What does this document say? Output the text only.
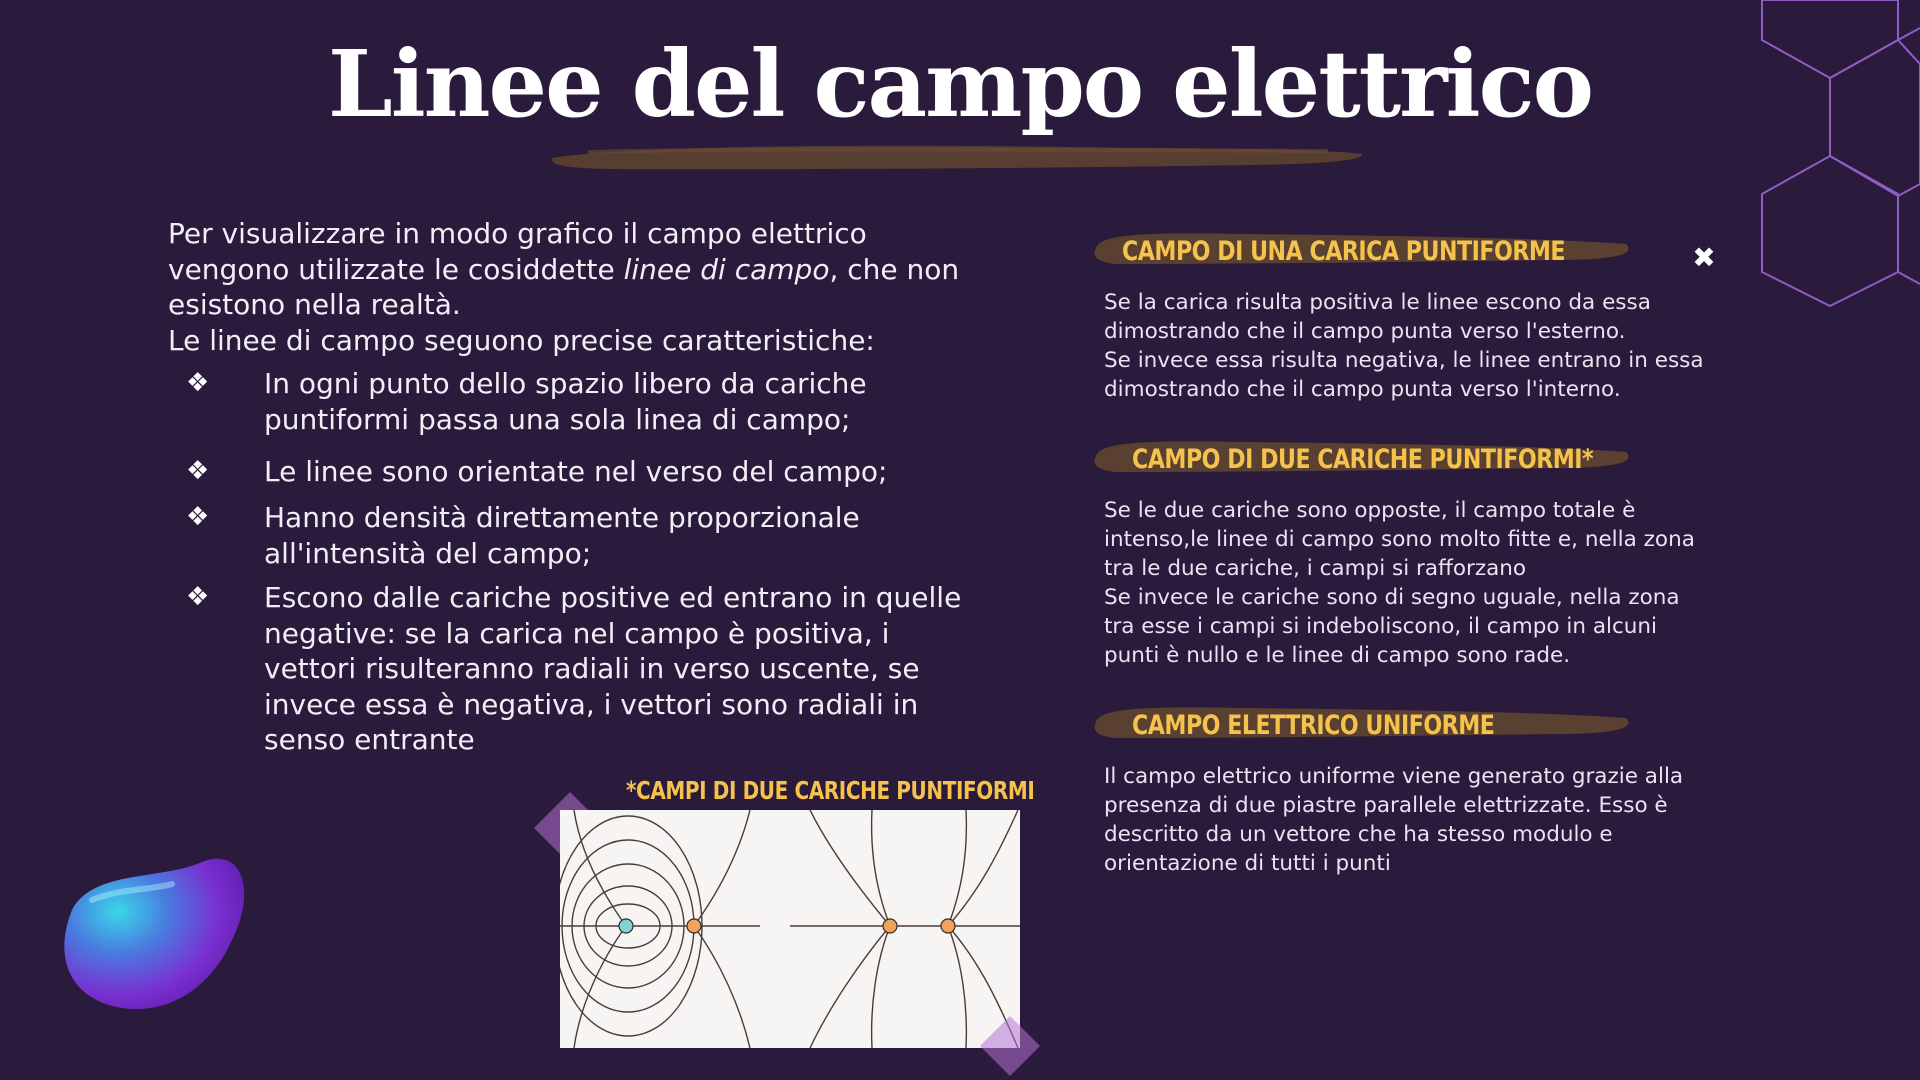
Linee del campo elettrico

Per visualizzare in modo grafico il campo elettrico vengono utilizzate le cosiddette linee di campo, che non esistono nella realtà.

Le linee di campo seguono precise caratteristiche:

❖ In ogni punto dello spazio libero da cariche puntiformi passa una sola linea di campo;
❖ Le linee sono orientate nel verso del campo;
❖ Hanno densità direttamente proporzionale all'intensità del campo;
❖ Escono dalle cariche positive ed entrano in quelle negative: se la carica nel campo è positiva, i vettori risulteranno radiali in verso uscente, se invece essa è negativa, i vettori sono radiali in senso entrante
CAMPO DI UNA CARICA PUNTIFORME

Se la carica risulta positiva le linee escono da essa dimostrando che il campo punta verso l'esterno.

Se invece essa risulta negativa, le linee entrano in essa dimostrando che il campo punta verso l'interno.

✖
CAMPO DI DUE CARICHE PUNTIFORMI*

Se le due cariche sono opposte, il campo totale è intenso,le linee di campo sono molto fitte e, nella zona tra le due cariche, i campi si rafforzano

Se invece le cariche sono di segno uguale, nella zona tra esse i campi si indeboliscono, il campo in alcuni punti è nullo e le linee di campo sono rade.

CAMPO ELETTRICO UNIFORME

Il campo elettrico uniforme viene generato grazie alla presenza di due piastre parallele elettrizzate. Esso è descritto da un vettore che ha stesso modulo e orientazione di tutti i punti

*CAMPI DI DUE CARICHE PUNTIFORMI
